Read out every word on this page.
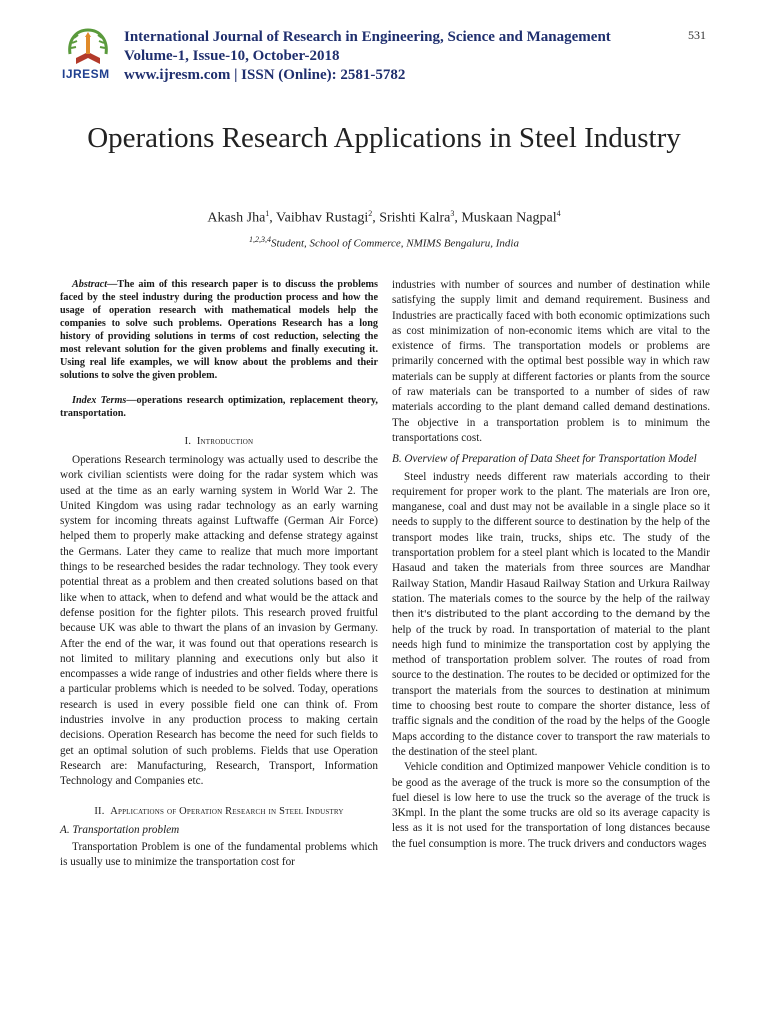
IJRESM
International Journal of Research in Engineering, Science and Management
Volume-1, Issue-10, October-2018
www.ijresm.com | ISSN (Online): 2581-5782
531
Operations Research Applications in Steel Industry
Akash Jha$^1$, Vaibhav Rustagi$^2$, Srishti Kalra$^3$, Muskaan Nagpal$^4$
$^{1,2,3,4}$Student, School of Commerce, NMIMS Bengaluru, India

Abstract—The aim of this research paper is to discuss the problems faced by the steel industry during the production process and how the usage of operation research with mathematical models help the companies to solve such problems. Operations Research has a long history of providing solutions in terms of cost reduction, selecting the most relevant solution for the given problems and finally executing it. Using real life examples, we will know about the problems and their solutions to solve the given problem.

Index Terms—operations research optimization, replacement theory, transportation.

I. Introduction

Operations Research terminology was actually used to describe the work civilian scientists were doing for the radar system which was used at the time as an early warning system in World War 2. The United Kingdom was using radar technology as an early warning system for incoming threats against Luftwaffe (German Air Force) helped them to properly make attacking and defense strategy against the Germans. Later they came to realize that much more important things to be researched besides the radar technology. They took every potential threat as a problem and then created solutions based on that like when to attack, when to defend and what would be the attack and defense position for the fighter pilots. This research proved fruitful because UK was able to thwart the plans of an invasion by Germany. After the end of the war, it was found out that operations research is not limited to military planning and executions only but also it encompasses a wide range of industries and other fields where there is a particular problems which is needed to be solved. Today, operations research is used in every possible field one can think of. From industries involve in any production process to making certain decisions. Operation Research has become the need for such fields to get an optimal solution of such problems. Fields that use Operation Research are: Manufacturing, Research, Transport, Information Technology and Companies etc.

II. Applications of Operation Research in Steel Industry

A. Transportation problem

Transportation Problem is one of the fundamental problems which is usually use to minimize the transportation cost for

industries with number of sources and number of destination while satisfying the supply limit and demand requirement. Business and Industries are practically faced with both economic optimizations such as cost minimization of non-economic items which are vital to the existence of firms. The transportation models or problems are primarily concerned with the optimal best possible way in which raw materials can be supply at different factories or plants from the source of raw materials can be transported to a number of sides of raw materials according to the plant demand called demand destinations. The objective in a transportation problem is to minimum the transportations cost.

B. Overview of Preparation of Data Sheet for Transportation Model

Steel industry needs different raw materials according to their requirement for proper work to the plant. The materials are Iron ore, manganese, coal and dust may not be available in a single place so it needs to supply to the different source to destination by the help of the transport modes like train, trucks, ships etc. The study of the transportation problem for a steel plant which is located to the Mandir Hasaud and taken the materials from three sources are Mandhar Railway Station, Mandir Hasaud Railway Station and Urkura Railway station. The materials comes to the source by the help of the railway then it's distributed to the plant according to the demand by the help of the truck by road. In transportation of material to the plant needs high fund to minimize the transportation cost by applying the method of transportation problem solver. The routes of road from source to the destination. The routes to be decided or optimized for the transport the materials from the sources to destination at minimum time to choosing best route to compare the shorter distance, less of traffic signals and the condition of the road by the helps of the Google Maps according to the distance cover to transport the raw materials to the destination of the steel plant.

Vehicle condition and Optimized manpower Vehicle condition is to be good as the average of the truck is more so the consumption of the fuel diesel is low here to use the truck so the average of the truck is 3Kmpl. In the plant the some trucks are old so its average capacity is less as it is not used for the transportation of long distances because the fuel consumption is more. The truck drivers and conductors wages
